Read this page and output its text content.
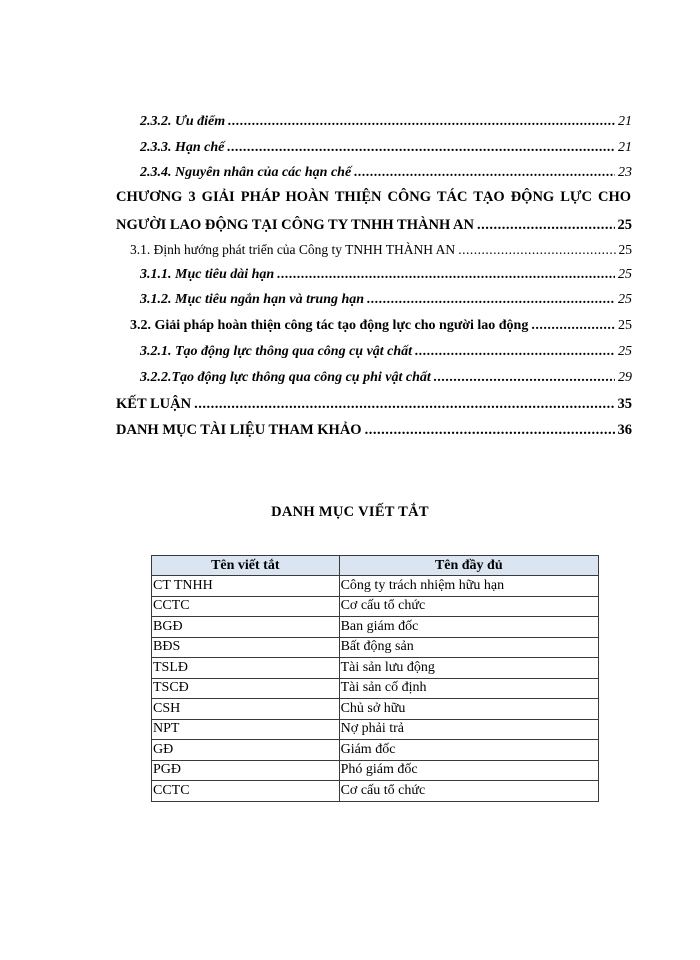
2.3.2. Ưu điểm .....	21
2.3.3. Hạn chế .....	21
2.3.4. Nguyên nhân của các hạn chế .....	23
CHƯƠNG 3 GIẢI PHÁP HOÀN THIỆN CÔNG TÁC TẠO ĐỘNG LỰC CHO
NGƯỜI LAO ĐỘNG TẠI CÔNG TY TNHH THÀNH AN .....	25
3.1. Định hướng phát triển của Công ty TNHH THÀNH AN .....	25
3.1.1. Mục tiêu dài hạn .....	25
3.1.2. Mục tiêu ngắn hạn và trung hạn .....	25
3.2. Giải pháp hoàn thiện công tác tạo động lực cho người lao động .....	25
3.2.1. Tạo động lực thông qua công cụ vật chất .....	25
3.2.2.Tạo động lực thông qua công cụ phi vật chất .....	29
KẾT LUẬN .....	35
DANH MỤC TÀI LIỆU THAM KHẢO .....	36
DANH MỤC VIẾT TẮT
Tên viết tắt	Tên đầy đủ
CT TNHH	Công ty trách nhiệm hữu hạn
CCTC	Cơ cấu tổ chức
BGĐ	Ban giám đốc
BĐS	Bất động sản
TSLĐ	Tài sản lưu động
TSCĐ	Tài sản cố định
CSH	Chủ sở hữu
NPT	Nợ phải trả
GĐ	Giám đốc
PGĐ	Phó giám đốc
CCTC	Cơ cấu tổ chức
